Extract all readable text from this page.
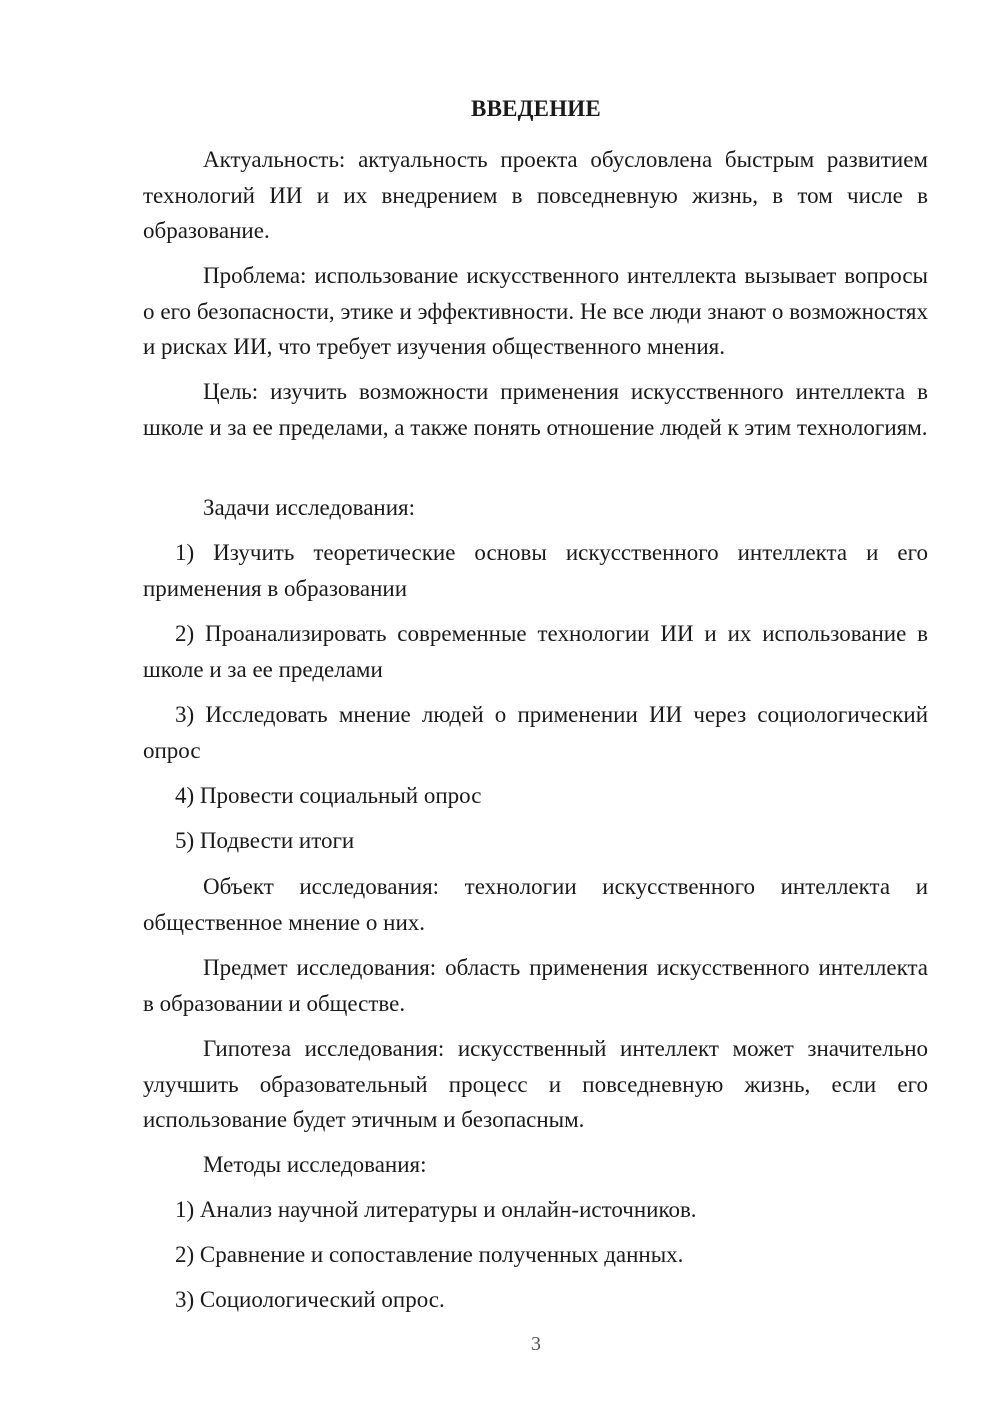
ВВЕДЕНИЕ

Актуальность: актуальность проекта обусловлена быстрым развитием технологий ИИ и их внедрением в повседневную жизнь, в том числе в образование.

Проблема: использование искусственного интеллекта вызывает вопросы о его безопасности, этике и эффективности. Не все люди знают о возможностях и рисках ИИ, что требует изучения общественного мнения.

Цель: изучить возможности применения искусственного интеллекта в школе и за ее пределами, а также понять отношение людей к этим технологиям.

Задачи исследования:

1) Изучить теоретические основы искусственного интеллекта и его применения в образовании

2) Проанализировать современные технологии ИИ и их использование в школе и за ее пределами

3) Исследовать мнение людей о применении ИИ через социологический опрос

4) Провести социальный опрос

5) Подвести итоги

Объект исследования: технологии искусственного интеллекта и общественное мнение о них.

Предмет исследования: область применения искусственного интеллекта в образовании и обществе.

Гипотеза исследования: искусственный интеллект может значительно улучшить образовательный процесс и повседневную жизнь, если его использование будет этичным и безопасным.

Методы исследования:

1) Анализ научной литературы и онлайн-источников.

2) Сравнение и сопоставление полученных данных.

3) Социологический опрос.

3
